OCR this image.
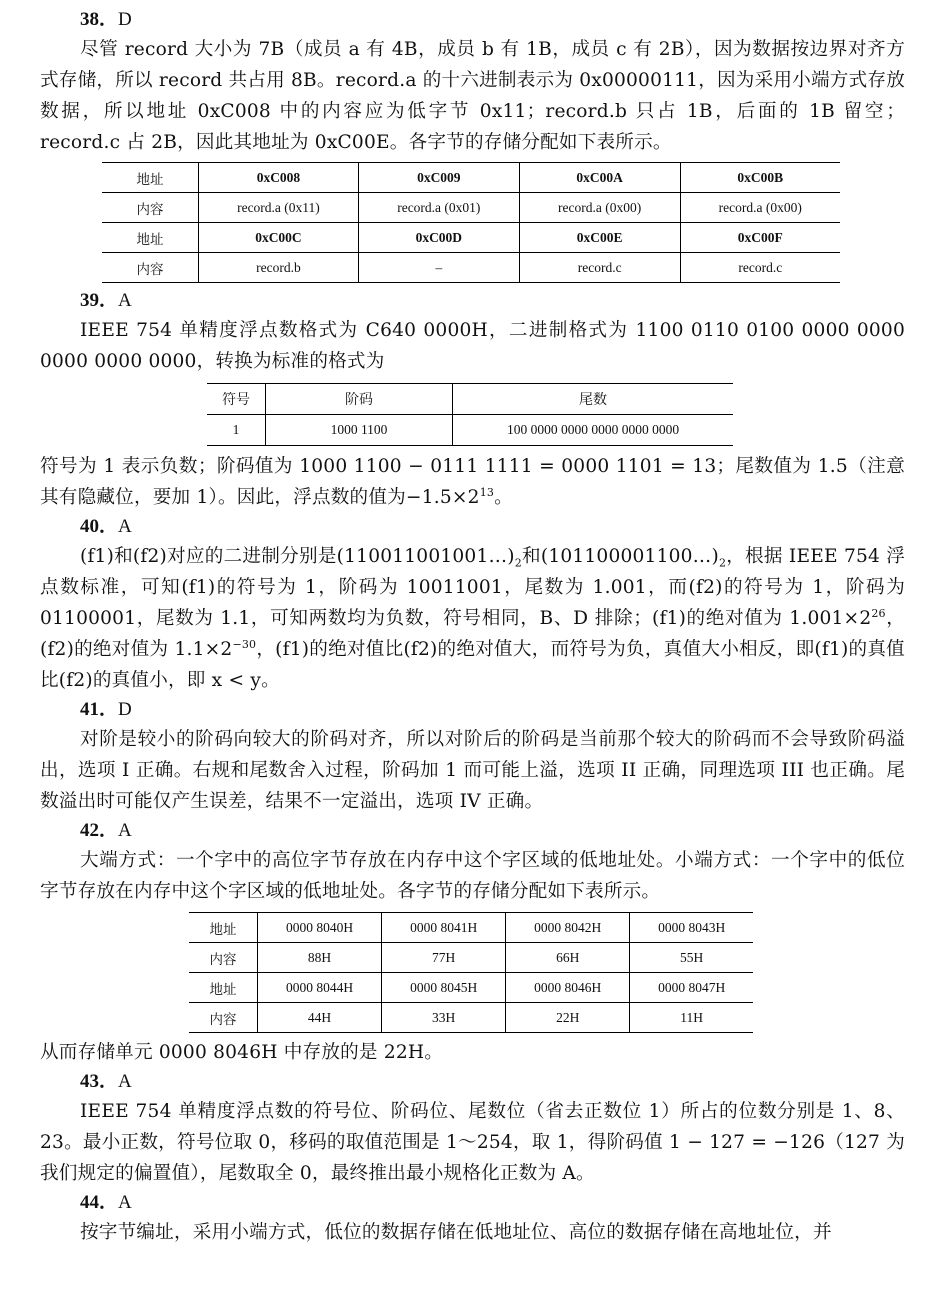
38．D

尽管 record 大小为 7B（成员 a 有 4B，成员 b 有 1B，成员 c 有 2B），因为数据按边界对齐方式存储，所以 record 共占用 8B。record.a 的十六进制表示为 0x00000111，因为采用小端方式存放数据，所以地址 0xC008 中的内容应为低字节 0x11；record.b 只占 1B，后面的 1B 留空；record.c 占 2B，因此其地址为 0xC00E。各字节的存储分配如下表所示。

地址	0xC008	0xC009	0xC00A	0xC00B
内容	record.a (0x11)	record.a (0x01)	record.a (0x00)	record.a (0x00)
地址	0xC00C	0xC00D	0xC00E	0xC00F
内容	record.b	–	record.c	record.c
39．A

IEEE 754 单精度浮点数格式为 C640 0000H，二进制格式为 1100 0110 0100 0000 0000 0000 0000 0000，转换为标准的格式为

符号	阶码	尾数
1	1000 1100	100 0000 0000 0000 0000 0000

符号为 1 表示负数；阶码值为 1000 1100 − 0111 1111 = 0000 1101 = 13；尾数值为 1.5（注意其有隐藏位，要加 1）。因此，浮点数的值为$-1.5\times 2^{13}$。

40．A

(f1)和(f2)对应的二进制分别是$(110011001001\dots)_2$和$(101100001100\dots)_2$，根据 IEEE 754 浮点数标准，可知(f1)的符号为 1，阶码为 10011001，尾数为 1.001，而(f2)的符号为 1，阶码为 01100001，尾数为 1.1，可知两数均为负数，符号相同，B、D 排除；(f1)的绝对值为 $1.001\times 2^{26}$，(f2)的绝对值为 $1.1\times 2^{-30}$，(f1)的绝对值比(f2)的绝对值大，而符号为负，真值大小相反，即(f1)的真值比(f2)的真值小，即 x < y。

41．D

对阶是较小的阶码向较大的阶码对齐，所以对阶后的阶码是当前那个较大的阶码而不会导致阶码溢出，选项 I 正确。右规和尾数舍入过程，阶码加 1 而可能上溢，选项 II 正确，同理选项 III 也正确。尾数溢出时可能仅产生误差，结果不一定溢出，选项 IV 正确。

42．A

大端方式：一个字中的高位字节存放在内存中这个字区域的低地址处。小端方式：一个字中的低位字节存放在内存中这个字区域的低地址处。各字节的存储分配如下表所示。

地址	0000 8040H	0000 8041H	0000 8042H	0000 8043H
内容	88H	77H	66H	55H
地址	0000 8044H	0000 8045H	0000 8046H	0000 8047H
内容	44H	33H	22H	11H

从而存储单元 0000 8046H 中存放的是 22H。

43．A

IEEE 754 单精度浮点数的符号位、阶码位、尾数位（省去正数位 1）所占的位数分别是 1、8、23。最小正数，符号位取 0，移码的取值范围是 1～254，取 1，得阶码值 1 − 127 = −126（127 为我们规定的偏置值），尾数取全 0，最终推出最小规格化正数为 A。

44．A

按字节编址，采用小端方式，低位的数据存储在低地址位、高位的数据存储在高地址位，并
